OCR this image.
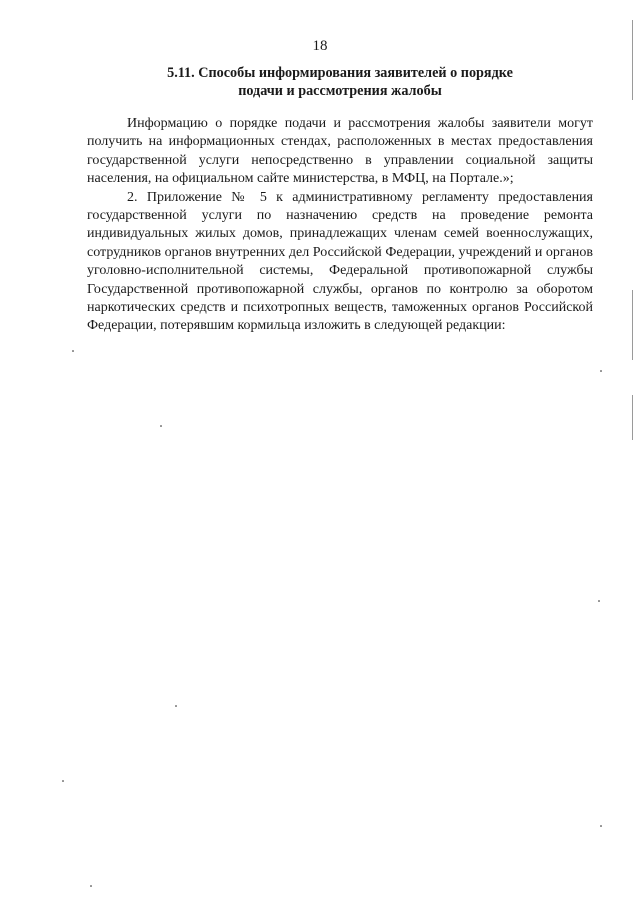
18
5.11. Способы информирования заявителей о порядке
подачи и рассмотрения жалобы

Информацию о порядке подачи и рассмотрения жалобы заявители могут получить на информационных стендах, расположенных в местах предоставления государственной услуги непосредственно в управлении социальной защиты населения, на официальном сайте министерства, в МФЦ, на Портале.»;

2. Приложение № 5 к административному регламенту предоставления государственной услуги по назначению средств на проведение ремонта индивидуальных жилых домов, принадлежащих членам семей военнослужащих, сотрудников органов внутренних дел Российской Федерации, учреждений и органов уголовно-исполнительной системы, Федеральной противопожарной службы Государственной противопожарной службы, органов по контролю за оборотом наркотических средств и психотропных веществ, таможенных органов Российской Федерации, потерявшим кормильца изложить в следующей редакции:
